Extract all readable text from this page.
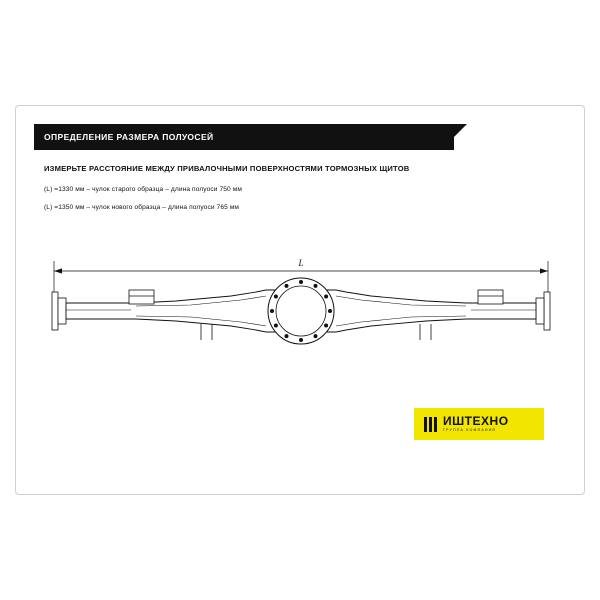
ОПРЕДЕЛЕНИЕ РАЗМЕРА ПОЛУОСЕЙ
ИЗМЕРЬТЕ РАССТОЯНИЕ МЕЖДУ ПРИВАЛОЧНЫМИ ПОВЕРХНОСТЯМИ ТОРМОЗНЫХ ЩИТОВ
(L) =1330 мм – чулок старого образца – длина полуоси 750 мм
(L) =1350 мм – чулок нового образца – длина полуоси 765 мм
L
ИШТЕХНО
ГРУППА КОМПАНИЙ
